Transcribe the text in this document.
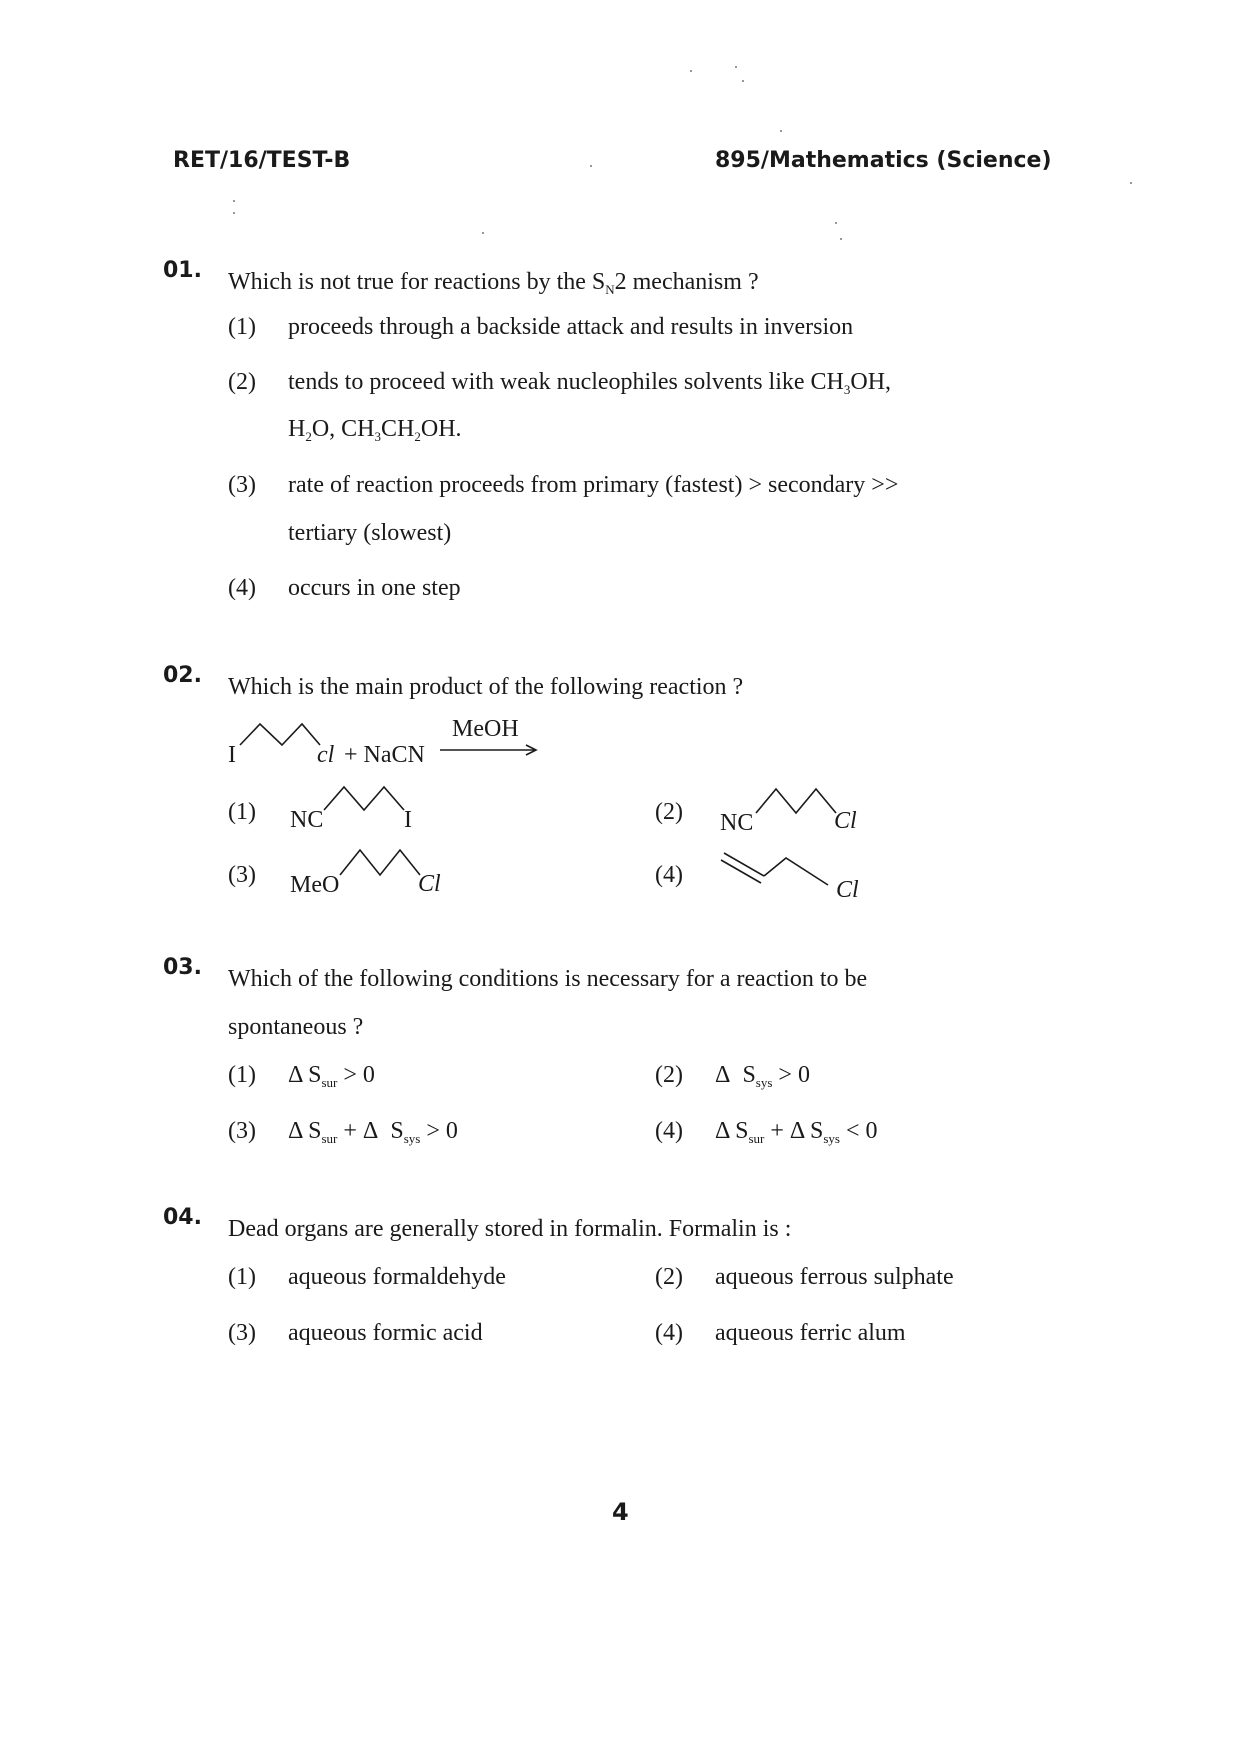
RET/16/TEST-B	895/Mathematics (Science)
01. Which is not true for reactions by the $S_N2$ mechanism ?
(1) proceeds through a backside attack and results in inversion
(2) tends to proceed with weak nucleophiles solvents like $CH_3OH$,
$H_2O$, $CH_3CH_2OH$.
(3) rate of reaction proceeds from primary (fastest) > secondary >>
tertiary (slowest)
(4) occurs in one step
02. Which is the main product of the following reaction ?
I	cl + NaCN
MeOH
(1) NC	I	(2) NC	Cl
(3) MeO	Cl	(4)
Cl
03. Which of the following conditions is necessary for a reaction to be
spontaneous ?
(1) Δ $S_{sur} > 0$	(2) Δ $S_{sys} > 0$
(3) Δ $S_{sur} + \Delta$ $S_{sys} > 0$	(4) Δ $S_{sur} + \Delta$ $S_{sys} < 0$
04. Dead organs are generally stored in formalin. Formalin is :
(1) aqueous formaldehyde	(2) aqueous ferrous sulphate
(3) aqueous formic acid	(4) aqueous ferric alum
4
